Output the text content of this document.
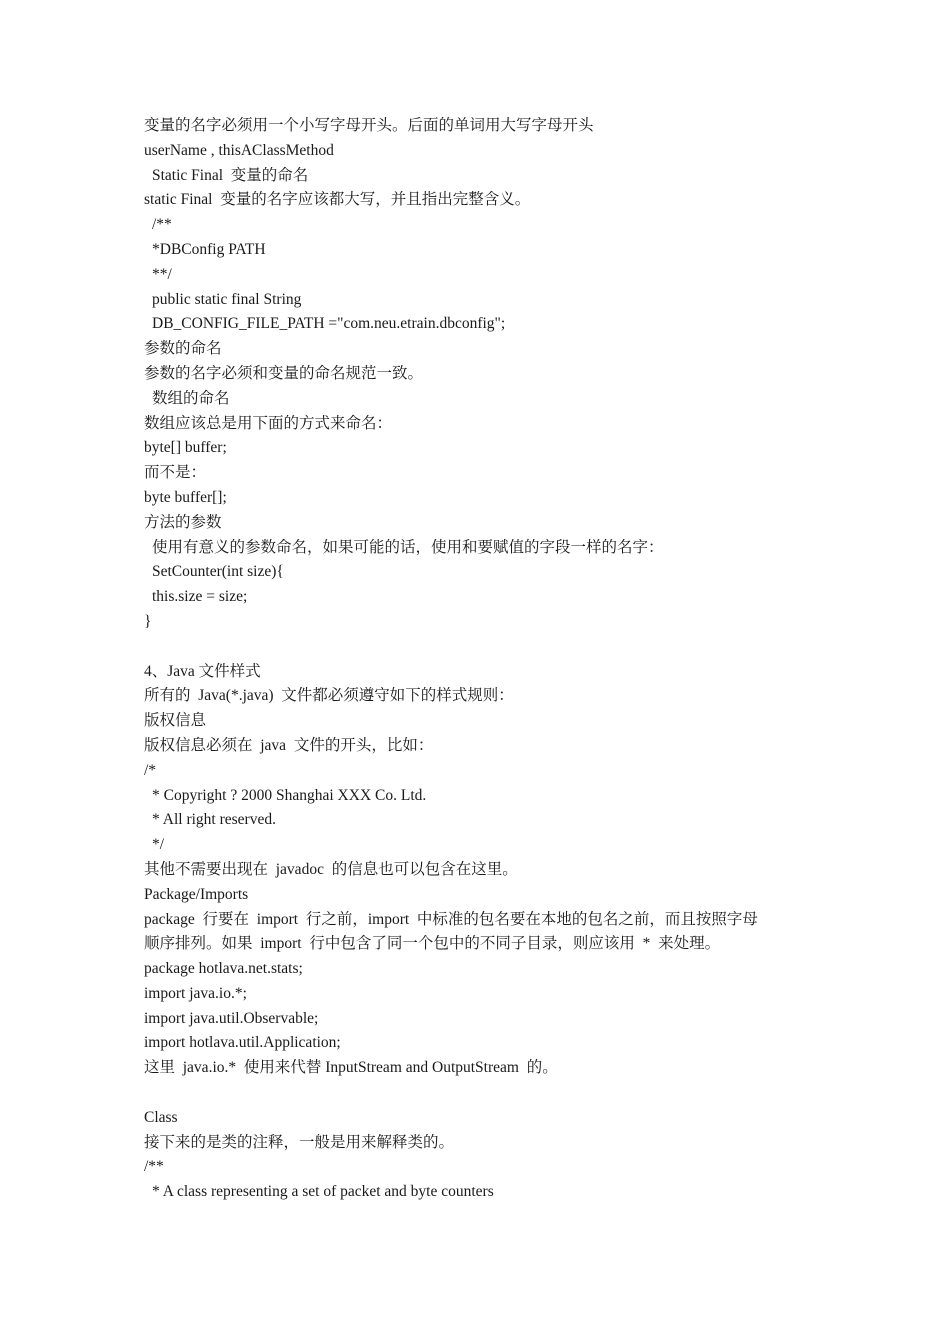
变量的名字必须用一个小写字母开头。后面的单词用大写字母开头
userName , thisAClassMethod
Static Final  变量的命名
static Final  变量的名字应该都大写，并且指出完整含义。
/**
*DBConfig PATH
**/
public static final String
DB_CONFIG_FILE_PATH ="com.neu.etrain.dbconfig";
参数的命名
参数的名字必须和变量的命名规范一致。
数组的命名
数组应该总是用下面的方式来命名：
byte[] buffer;
而不是：
byte buffer[];
方法的参数
使用有意义的参数命名，如果可能的话，使用和要赋值的字段一样的名字：
SetCounter(int size){
this.size = size;
}
4、Java 文件样式
所有的  Java(*.java)  文件都必须遵守如下的样式规则：
版权信息
版权信息必须在  java  文件的开头，比如：
/*
* Copyright ? 2000 Shanghai XXX Co. Ltd.
* All right reserved.
*/
其他不需要出现在  javadoc  的信息也可以包含在这里。
Package/Imports
package  行要在  import  行之前，import  中标准的包名要在本地的包名之前，而且按照字母
顺序排列。如果  import  行中包含了同一个包中的不同子目录，则应该用  *  来处理。
package hotlava.net.stats;
import java.io.*;
import java.util.Observable;
import hotlava.util.Application;
这里  java.io.*  使用来代替 InputStream and OutputStream  的。
Class
接下来的是类的注释，一般是用来解释类的。
/**
* A class representing a set of packet and byte counters
